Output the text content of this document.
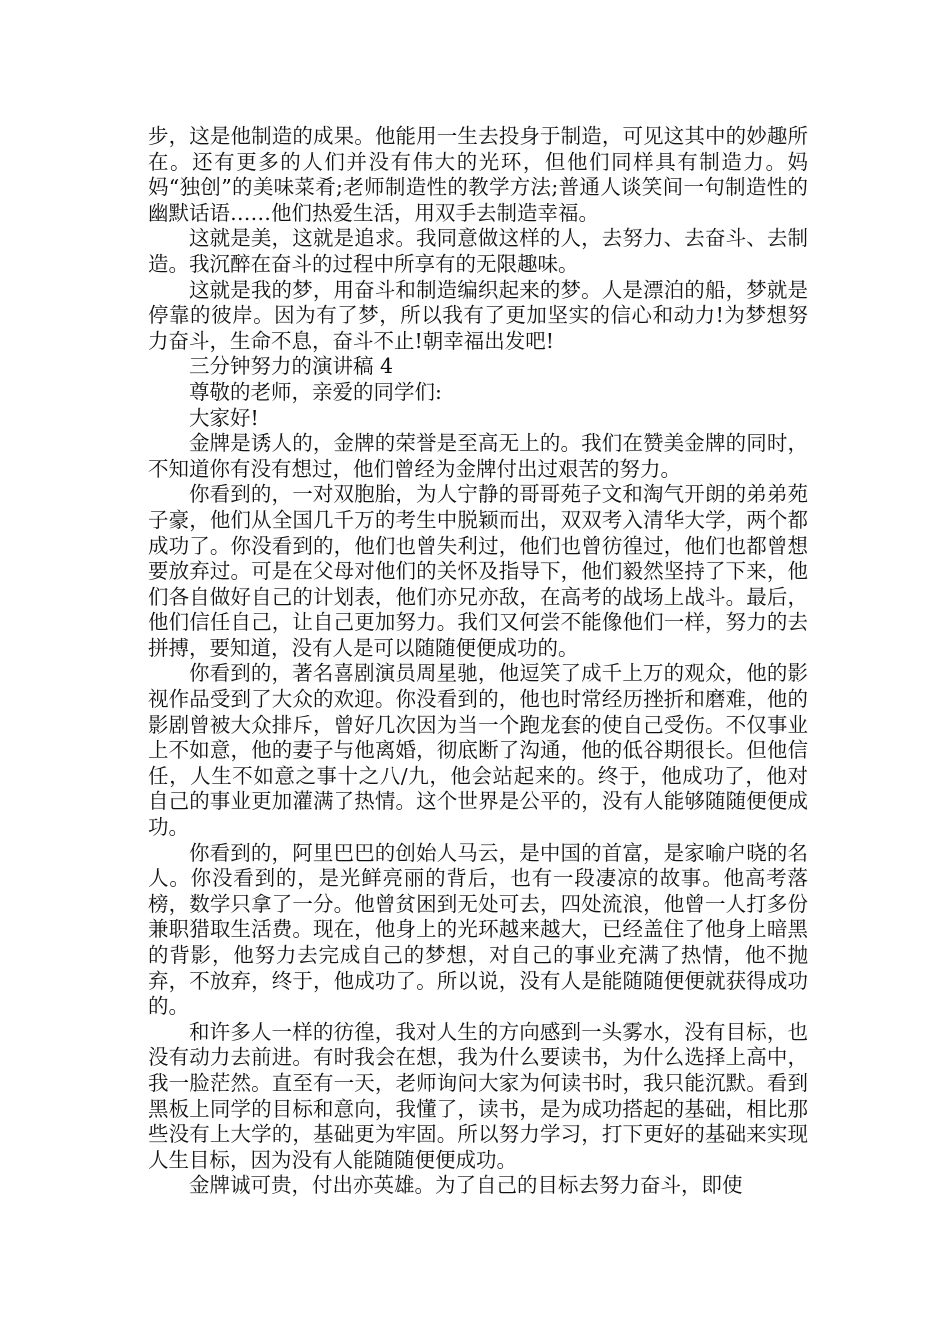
步，这是他制造的成果。他能用一生去投身于制造，可见这其中的妙趣所在。还有更多的人们并没有伟大的光环，但他们同样具有制造力。妈妈“独创”的美味菜肴;老师制造性的教学方法;普通人谈笑间一句制造性的幽默话语……他们热爱生活，用双手去制造幸福。

这就是美，这就是追求。我同意做这样的人，去努力、去奋斗、去制造。我沉醉在奋斗的过程中所享有的无限趣味。

这就是我的梦，用奋斗和制造编织起来的梦。人是漂泊的船，梦就是停靠的彼岸。因为有了梦，所以我有了更加坚实的信心和动力!为梦想努力奋斗，生命不息，奋斗不止!朝幸福出发吧!

三分钟努力的演讲稿 4

尊敬的老师，亲爱的同学们:

大家好!

金牌是诱人的，金牌的荣誉是至高无上的。我们在赞美金牌的同时，不知道你有没有想过，他们曾经为金牌付出过艰苦的努力。

你看到的，一对双胞胎，为人宁静的哥哥苑子文和淘气开朗的弟弟苑子豪，他们从全国几千万的考生中脱颖而出，双双考入清华大学，两个都成功了。你没看到的，他们也曾失利过，他们也曾彷徨过，他们也都曾想要放弃过。可是在父母对他们的关怀及指导下，他们毅然坚持了下来，他们各自做好自己的计划表，他们亦兄亦敌，在高考的战场上战斗。最后，他们信任自己，让自己更加努力。我们又何尝不能像他们一样，努力的去拼搏，要知道，没有人是可以随随便便成功的。

你看到的，著名喜剧演员周星驰，他逗笑了成千上万的观众，他的影视作品受到了大众的欢迎。你没看到的，他也时常经历挫折和磨难，他的影剧曾被大众排斥，曾好几次因为当一个跑龙套的使自己受伤。不仅事业上不如意，他的妻子与他离婚，彻底断了沟通，他的低谷期很长。但他信任，人生不如意之事十之八/九，他会站起来的。终于，他成功了，他对自己的事业更加灌满了热情。这个世界是公平的，没有人能够随随便便成功。

你看到的，阿里巴巴的创始人马云，是中国的首富，是家喻户晓的名人。你没看到的，是光鲜亮丽的背后，也有一段凄凉的故事。他高考落榜，数学只拿了一分。他曾贫困到无处可去，四处流浪，他曾一人打多份兼职猎取生活费。现在，他身上的光环越来越大，已经盖住了他身上暗黑的背影，他努力去完成自己的梦想，对自己的事业充满了热情，他不抛弃，不放弃，终于，他成功了。所以说，没有人是能随随便便就获得成功的。

和许多人一样的彷徨，我对人生的方向感到一头雾水，没有目标，也没有动力去前进。有时我会在想，我为什么要读书，为什么选择上高中，我一脸茫然。直至有一天，老师询问大家为何读书时，我只能沉默。看到黑板上同学的目标和意向，我懂了，读书，是为成功搭起的基础，相比那些没有上大学的，基础更为牢固。所以努力学习，打下更好的基础来实现人生目标，因为没有人能随随便便成功。

金牌诚可贵，付出亦英雄。为了自己的目标去努力奋斗，即使
